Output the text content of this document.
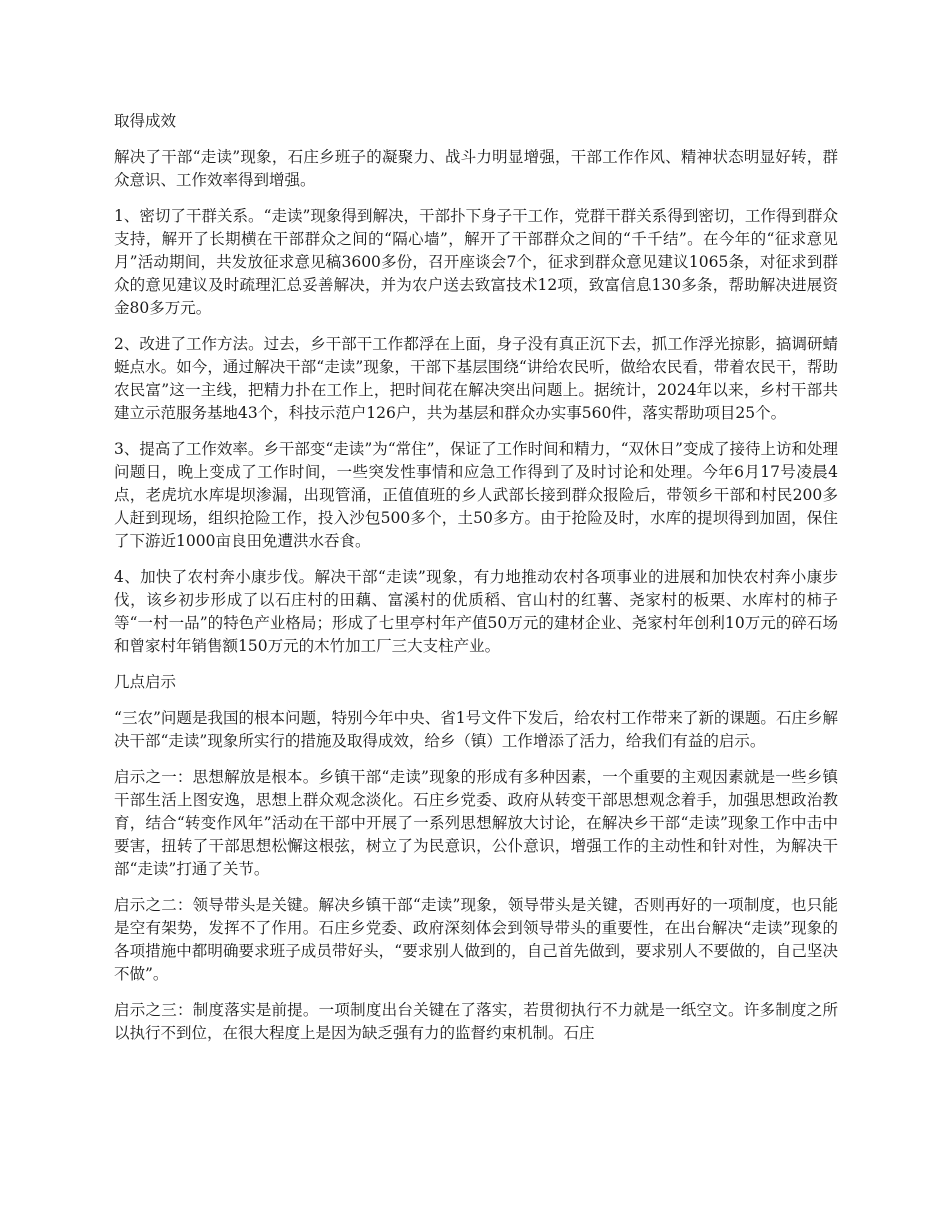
取得成效

解决了干部“走读”现象，石庄乡班子的凝聚力、战斗力明显增强，干部工作作风、精神状态明显好转，群众意识、工作效率得到增强。

1、密切了干群关系。“走读”现象得到解决，干部扑下身子干工作，党群干群关系得到密切，工作得到群众支持，解开了长期横在干部群众之间的“隔心墙”，解开了干部群众之间的“千千结”。在今年的“征求意见月”活动期间，共发放征求意见稿3600多份，召开座谈会7个，征求到群众意见建议1065条，对征求到群众的意见建议及时疏理汇总妥善解决，并为农户送去致富技术12项，致富信息130多条，帮助解决进展资金80多万元。

2、改进了工作方法。过去，乡干部干工作都浮在上面，身子没有真正沉下去，抓工作浮光掠影，搞调研蜻蜓点水。如今，通过解决干部“走读”现象，干部下基层围绕“讲给农民听，做给农民看，带着农民干，帮助农民富”这一主线，把精力扑在工作上，把时间花在解决突出问题上。据统计，2024年以来，乡村干部共建立示范服务基地43个，科技示范户126户，共为基层和群众办实事560件，落实帮助项目25个。

3、提高了工作效率。乡干部变“走读”为“常住”，保证了工作时间和精力，“双休日”变成了接待上访和处理问题日，晚上变成了工作时间，一些突发性事情和应急工作得到了及时讨论和处理。今年6月17号凌晨4点，老虎坑水库堤坝渗漏，出现管涌，正值值班的乡人武部长接到群众报险后，带领乡干部和村民200多人赶到现场，组织抢险工作，投入沙包500多个，土50多方。由于抢险及时，水库的提坝得到加固，保住了下游近1000亩良田免遭洪水吞食。

4、加快了农村奔小康步伐。解决干部“走读”现象，有力地推动农村各项事业的进展和加快农村奔小康步伐，该乡初步形成了以石庄村的田藕、富溪村的优质稻、官山村的红薯、尧家村的板栗、水库村的柿子等“一村一品”的特色产业格局；形成了七里亭村年产值50万元的建材企业、尧家村年创利10万元的碎石场和曾家村年销售额150万元的木竹加工厂三大支柱产业。

几点启示

“三农”问题是我国的根本问题，特别今年中央、省1号文件下发后，给农村工作带来了新的课题。石庄乡解决干部“走读”现象所实行的措施及取得成效，给乡（镇）工作增添了活力，给我们有益的启示。

启示之一：思想解放是根本。乡镇干部“走读”现象的形成有多种因素，一个重要的主观因素就是一些乡镇干部生活上图安逸，思想上群众观念淡化。石庄乡党委、政府从转变干部思想观念着手，加强思想政治教育，结合“转变作风年”活动在干部中开展了一系列思想解放大讨论，在解决乡干部“走读”现象工作中击中要害，扭转了干部思想松懈这根弦，树立了为民意识，公仆意识，增强工作的主动性和针对性，为解决干部“走读”打通了关节。

启示之二：领导带头是关键。解决乡镇干部“走读”现象，领导带头是关键，否则再好的一项制度，也只能是空有架势，发挥不了作用。石庄乡党委、政府深刻体会到领导带头的重要性，在出台解决“走读”现象的各项措施中都明确要求班子成员带好头，“要求别人做到的，自己首先做到，要求别人不要做的，自己坚决不做”。

启示之三：制度落实是前提。一项制度出台关键在了落实，若贯彻执行不力就是一纸空文。许多制度之所以执行不到位，在很大程度上是因为缺乏强有力的监督约束机制。石庄
